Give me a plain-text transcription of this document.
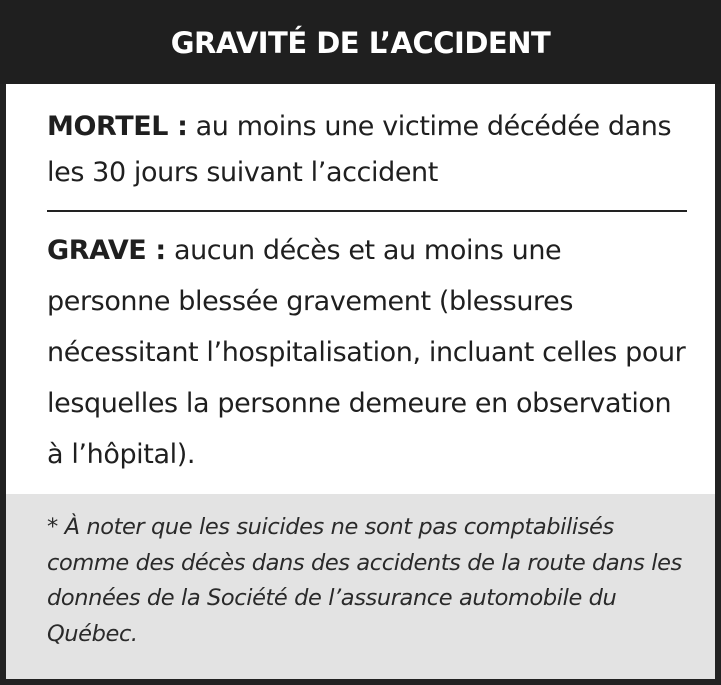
GRAVITÉ DE L’ACCIDENT
MORTEL : au moins une victime décédée dans les 30 jours suivant l’accident
GRAVE : aucun décès et au moins une personne blessée gravement (blessures nécessitant l’hospitalisation, incluant celles pour lesquelles la personne demeure en observation à l’hôpital).
* À noter que les suicides ne sont pas comptabilisés comme des décès dans des accidents de la route dans les données de la Société de l’assurance automobile du Québec.
